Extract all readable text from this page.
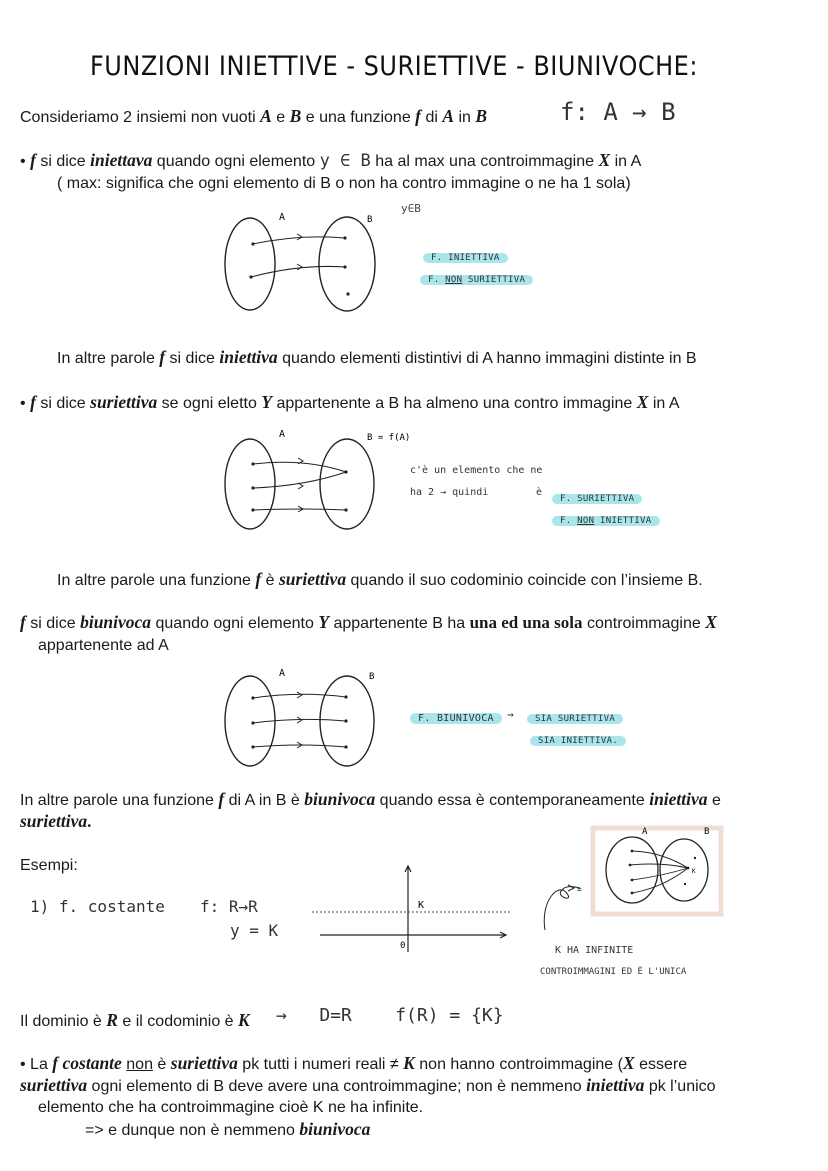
FUNZIONI INIETTIVE - SURIETTIVE - BIUNIVOCHE:
Consideriamo 2 insiemi non vuoti A e B e una funzione f di A in B	f: A → B
• f si dice iniettava quando ogni elemento y ∈ B ha al max una controimmagine X in A
( max: significa che ogni elemento di B o non ha contro immagine o ne ha 1 sola)
A	B
y∈B
F. INIETTIVA
F. NON SURIETTIVA
In altre parole f si dice iniettiva quando elementi distintivi di A hanno immagini distinte in B
• f si dice suriettiva se ogni eletto Y appartenente a B ha almeno una contro immagine X in A
A	B = f(A)
c'è un elemento che ne
ha 2 → quindi	è
F. SURIETTIVA
F. NON INIETTIVA
In altre parole una funzione f è suriettiva quando il suo codominio coincide con l’insieme B.
f si dice biunivoca quando ogni elemento Y appartenente B ha una ed una sola controimmagine X
appartenente ad A
A	B
F. BIUNIVOCA	→	SIA SURIETTIVA
SIA INIETTIVA.
In altre parole una funzione f di A in B è biunivoca quando essa è contemporaneamente iniettiva e
suriettiva.
Esempi:
1) f. costante f: R→R
y = K
K
0
=
A	B
K
K HA INFINITE
CONTROIMMAGINI ED È L'UNICA
Il dominio è R e il codominio è K →   D=R    f(R) = {K}
• La f costante non è suriettiva pk tutti i numeri reali ≠ K non hanno controimmagine (X essere
suriettiva ogni elemento di B deve avere una controimmagine; non è nemmeno iniettiva pk l’unico
elemento che ha controimmagine cioè K ne ha infinite.
=> e dunque non è nemmeno biunivoca
